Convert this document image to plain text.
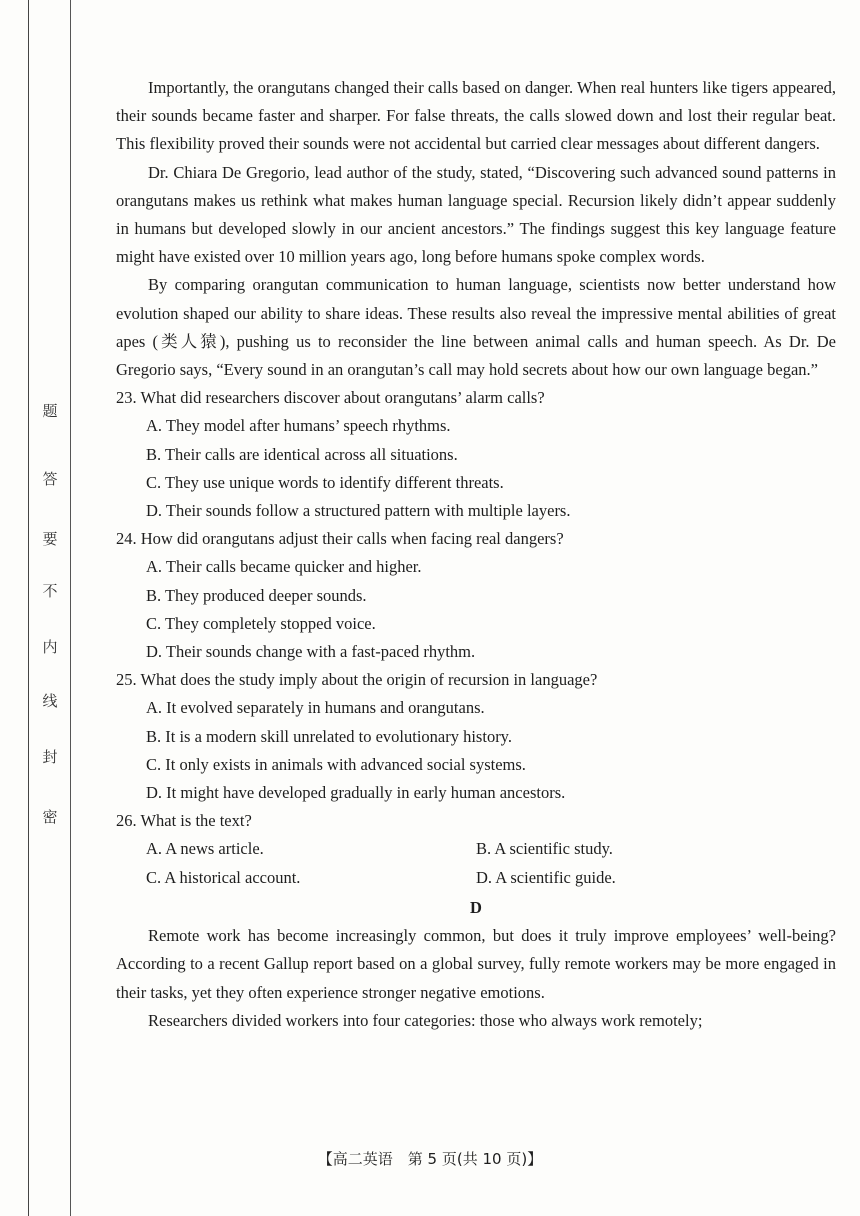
题
答
要
不
内
线
封
密

Importantly, the orangutans changed their calls based on danger. When real hunters like tigers appeared, their sounds became faster and sharper. For false threats, the calls slowed down and lost their regular beat. This flexibility proved their sounds were not accidental but carried clear messages about different dangers.

Dr. Chiara De Gregorio, lead author of the study, stated, “Discovering such advanced sound patterns in orangutans makes us rethink what makes human language special. Recursion likely didn’t appear suddenly in humans but developed slowly in our ancient ancestors.” The findings suggest this key language feature might have existed over 10 million years ago, long before humans spoke complex words.

By comparing orangutan communication to human language, scientists now better understand how evolution shaped our ability to share ideas. These results also reveal the impressive mental abilities of great apes (类人猿), pushing us to reconsider the line between animal calls and human speech. As Dr. De Gregorio says, “Every sound in an orangutan’s call may hold secrets about how our own language began.”

23. What did researchers discover about orangutans’ alarm calls?
A. They model after humans’ speech rhythms.
B. Their calls are identical across all situations.
C. They use unique words to identify different threats.
D. Their sounds follow a structured pattern with multiple layers.
24. How did orangutans adjust their calls when facing real dangers?
A. Their calls became quicker and higher.
B. They produced deeper sounds.
C. They completely stopped voice.
D. Their sounds change with a fast-paced rhythm.
25. What does the study imply about the origin of recursion in language?
A. It evolved separately in humans and orangutans.
B. It is a modern skill unrelated to evolutionary history.
C. It only exists in animals with advanced social systems.
D. It might have developed gradually in early human ancestors.
26. What is the text?
A. A news article.	B. A scientific study.
C. A historical account.	D. A scientific guide.
D

Remote work has become increasingly common, but does it truly improve employees’ well-being? According to a recent Gallup report based on a global survey, fully remote workers may be more engaged in their tasks, yet they often experience stronger negative emotions.

Researchers divided workers into four categories: those who always work remotely;

【高二英语　第 5 页(共 10 页)】
